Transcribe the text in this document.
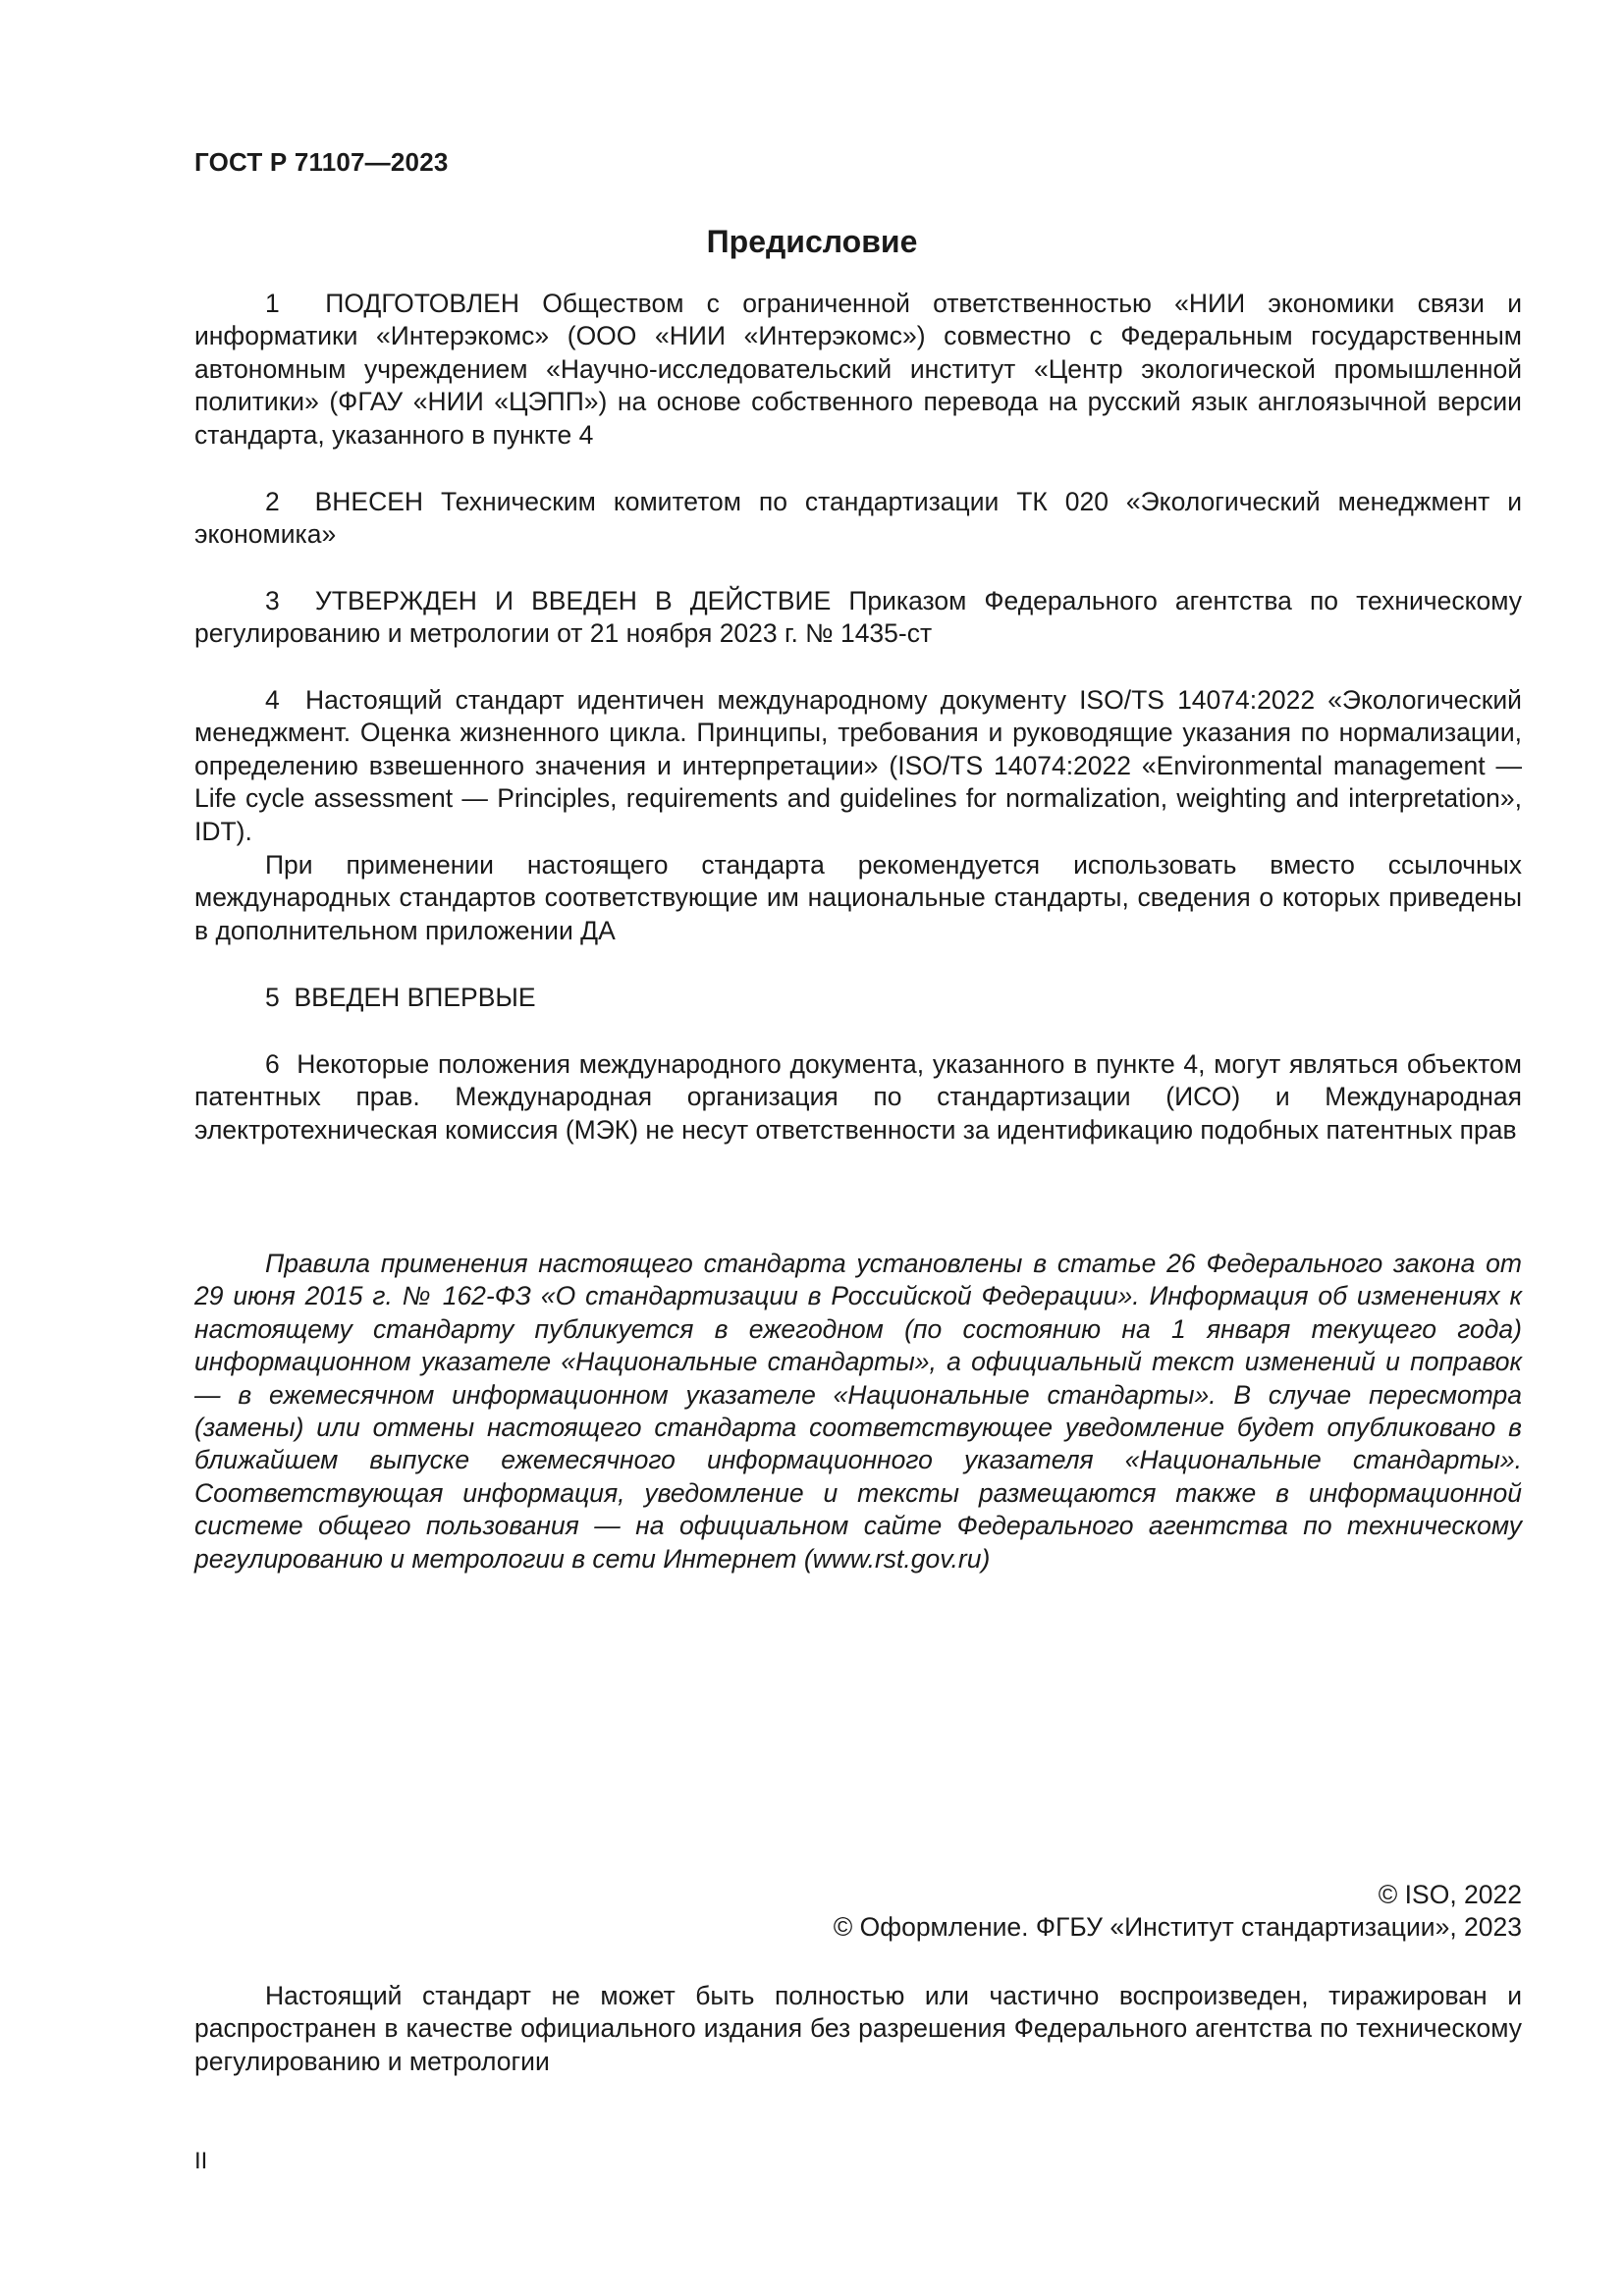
ГОСТ Р 71107—2023
Предисловие

1 ПОДГОТОВЛЕН Обществом с ограниченной ответственностью «НИИ экономики связи и информатики «Интерэкомс» (ООО «НИИ «Интерэкомс») совместно с Федеральным государственным автономным учреждением «Научно-исследовательский институт «Центр экологической промышленной политики» (ФГАУ «НИИ «ЦЭПП») на основе собственного перевода на русский язык англоязычной версии стандарта, указанного в пункте 4

2 ВНЕСЕН Техническим комитетом по стандартизации ТК 020 «Экологический менеджмент и экономика»

3 УТВЕРЖДЕН И ВВЕДЕН В ДЕЙСТВИЕ Приказом Федерального агентства по техническому регулированию и метрологии от 21 ноября 2023 г. № 1435-ст

4 Настоящий стандарт идентичен международному документу ISO/TS 14074:2022 «Экологический менеджмент. Оценка жизненного цикла. Принципы, требования и руководящие указания по нормализации, определению взвешенного значения и интерпретации» (ISO/TS 14074:2022 «Environmental management — Life cycle assessment — Principles, requirements and guidelines for normalization, weighting and interpretation», IDT).

При применении настоящего стандарта рекомендуется использовать вместо ссылочных международных стандартов соответствующие им национальные стандарты, сведения о которых приведены в дополнительном приложении ДА

5 ВВЕДЕН ВПЕРВЫЕ

6 Некоторые положения международного документа, указанного в пункте 4, могут являться объектом патентных прав. Международная организация по стандартизации (ИСО) и Международная электротехническая комиссия (МЭК) не несут ответственности за идентификацию подобных патентных прав

Правила применения настоящего стандарта установлены в статье 26 Федерального закона от 29 июня 2015 г. № 162-ФЗ «О стандартизации в Российской Федерации». Информация об изменениях к настоящему стандарту публикуется в ежегодном (по состоянию на 1 января текущего года) информационном указателе «Национальные стандарты», а официальный текст изменений и поправок — в ежемесячном информационном указателе «Национальные стандарты». В случае пересмотра (замены) или отмены настоящего стандарта соответствующее уведомление будет опубликовано в ближайшем выпуске ежемесячного информационного указателя «Национальные стандарты». Соответствующая информация, уведомление и тексты размещаются также в информационной системе общего пользования — на официальном сайте Федерального агентства по техническому регулированию и метрологии в сети Интернет (www.rst.gov.ru)

© ISO, 2022
© Оформление. ФГБУ «Институт стандартизации», 2023

Настоящий стандарт не может быть полностью или частично воспроизведен, тиражирован и распространен в качестве официального издания без разрешения Федерального агентства по техническому регулированию и метрологии

II
